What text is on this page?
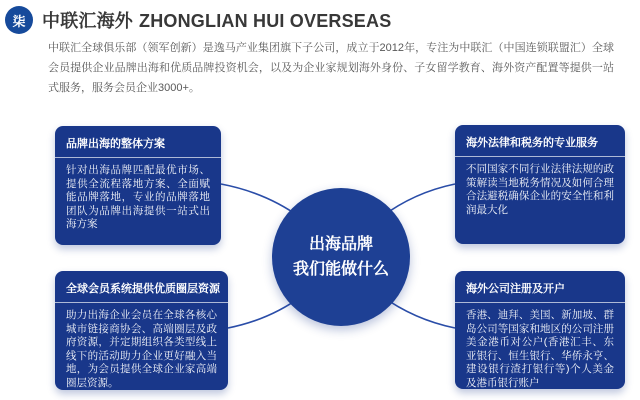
柒 中联汇海外 ZHONGLIAN HUI OVERSEAS
中联汇全球俱乐部（领军创新）是逸马产业集团旗下子公司，成立于2012年，专注为中联汇（中国连锁联盟汇）全球会员提供企业品牌出海和优质品牌投资机会，以及为企业家规划海外身份、子女留学教育、海外资产配置等提供一站式服务，服务会员企业3000+。
品牌出海的整体方案
针对出海品牌匹配最优市场、提供全流程落地方案、全面赋能品牌落地，专业的品牌落地团队为品牌出海提供一站式出海方案
海外法律和税务的专业服务
不同国家不同行业法律法规的政策解读当地税务情况及如何合理合法避税确保企业的安全性和利润最大化
全球会员系统提供优质圈层资源
助力出海企业会员在全球各核心城市链接商协会、高端圈层及政府资源，并定期组织各类型线上线下的活动助力企业更好融入当地，为会员提供全球企业家高端圈层资源。
海外公司注册及开户
香港、迪拜、美国、新加坡、群岛公司等国家和地区的公司注册美金港币对公户(香港汇丰、东亚银行、恒生银行、华侨永亨、建设银行渣打银行等)个人美金及港币银行账户
出海品牌
我们能做什么
